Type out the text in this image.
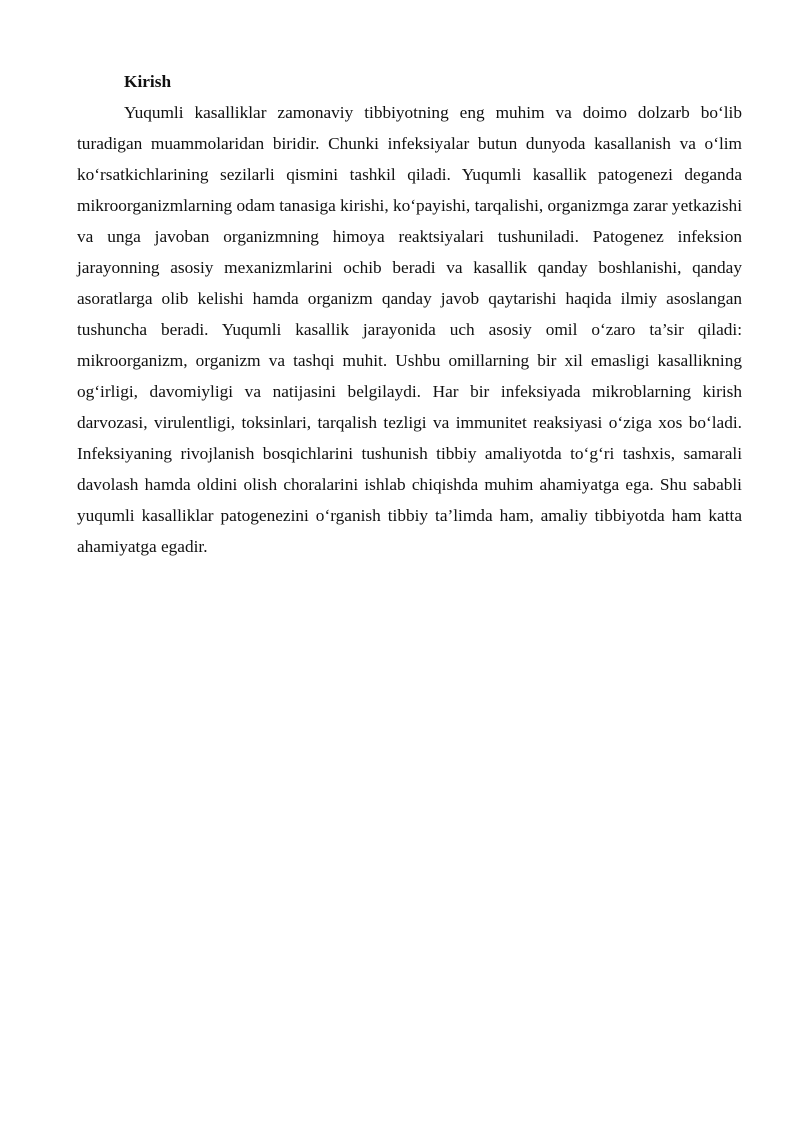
Kirish

Yuqumli kasalliklar zamonaviy tibbiyotning eng muhim va doimo dolzarb bo‘lib turadigan muammolaridan biridir. Chunki infeksiyalar butun dunyoda kasallanish va o‘lim ko‘rsatkichlarining sezilarli qismini tashkil qiladi. Yuqumli kasallik patogenezi deganda mikroorganizmlarning odam tanasiga kirishi, ko‘payishi, tarqalishi, organizmga zarar yetkazishi va unga javoban organizmning himoya reaktsiyalari tushuniladi. Patogenez infeksion jarayonning asosiy mexanizmlarini ochib beradi va kasallik qanday boshlanishi, qanday asoratlarga olib kelishi hamda organizm qanday javob qaytarishi haqida ilmiy asoslangan tushuncha beradi. Yuqumli kasallik jarayonida uch asosiy omil o‘zaro ta’sir qiladi: mikroorganizm, organizm va tashqi muhit. Ushbu omillarning bir xil emasligi kasallikning og‘irligi, davomiyligi va natijasini belgilaydi. Har bir infeksiyada mikroblarning kirish darvozasi, virulentligi, toksinlari, tarqalish tezligi va immunitet reaksiyasi o‘ziga xos bo‘ladi. Infeksiyaning rivojlanish bosqichlarini tushunish tibbiy amaliyotda to‘g‘ri tashxis, samarali davolash hamda oldini olish choralarini ishlab chiqishda muhim ahamiyatga ega. Shu sababli yuqumli kasalliklar patogenezini o‘rganish tibbiy ta’limda ham, amaliy tibbiyotda ham katta ahamiyatga egadir.
